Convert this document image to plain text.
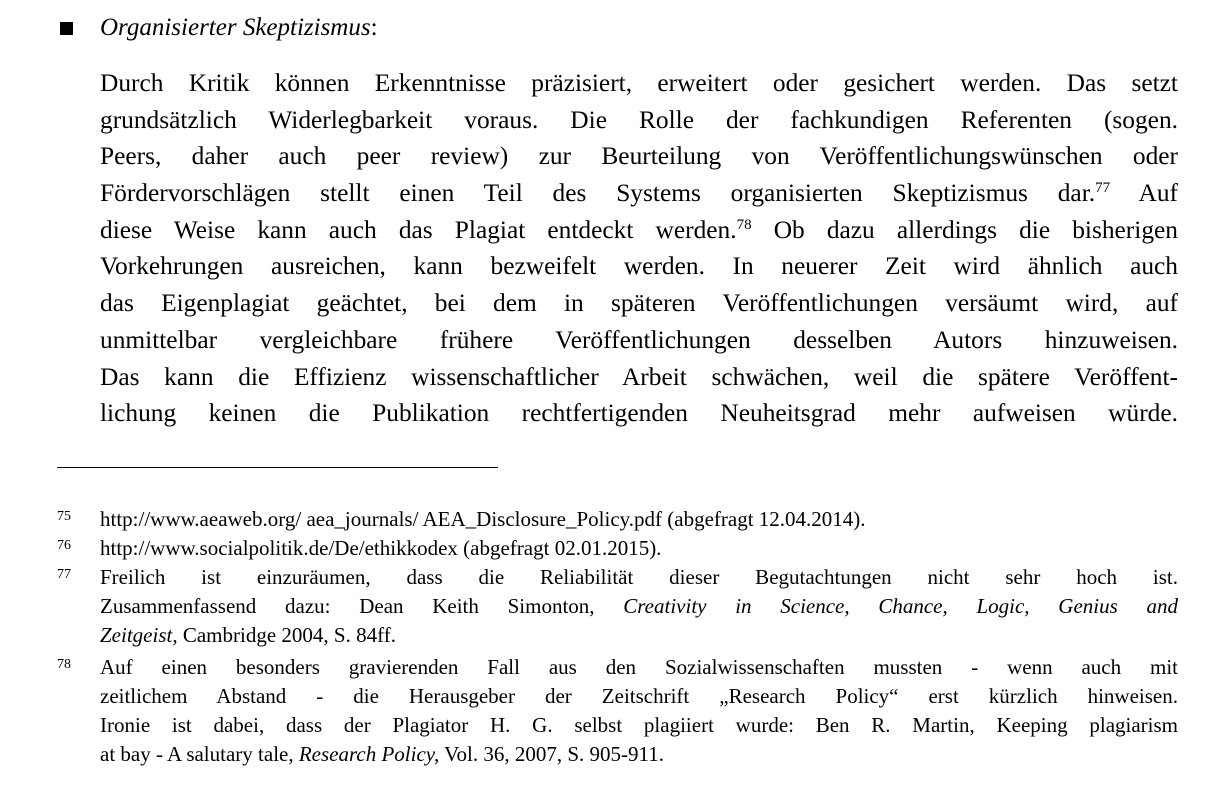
Organisierter Skeptizismus:
Durch Kritik können Erkenntnisse präzisiert, erweitert oder gesichert werden. Das setzt
grundsätzlich Widerlegbarkeit voraus. Die Rolle der fachkundigen Referenten (sogen.
Peers, daher auch peer review) zur Beurteilung von Veröffentlichungswünschen oder
Fördervorschlägen stellt einen Teil des Systems organisierten Skeptizismus dar.$^{77}$ Auf
diese Weise kann auch das Plagiat entdeckt werden.$^{78}$ Ob dazu allerdings die bisherigen
Vorkehrungen ausreichen, kann bezweifelt werden. In neuerer Zeit wird ähnlich auch
das Eigenplagiat geächtet, bei dem in späteren Veröffentlichungen versäumt wird, auf
unmittelbar vergleichbare frühere Veröffentlichungen desselben Autors hinzuweisen.
Das kann die Effizienz wissenschaftlicher Arbeit schwächen, weil die spätere Veröffent-
lichung keinen die Publikation rechtfertigenden Neuheitsgrad mehr aufweisen würde.
75 http://www.aeaweb.org/ aea_journals/ AEA_Disclosure_Policy.pdf (abgefragt 12.04.2014).
76 http://www.socialpolitik.de/De/ethikkodex (abgefragt 02.01.2015).
77 Freilich ist einzuräumen, dass die Reliabilität dieser Begutachtungen nicht sehr hoch ist.
Zusammenfassend dazu: Dean Keith Simonton, Creativity in Science, Chance, Logic, Genius and
Zeitgeist, Cambridge 2004, S. 84ff.
78 Auf einen besonders gravierenden Fall aus den Sozialwissenschaften mussten - wenn auch mit
zeitlichem Abstand - die Herausgeber der Zeitschrift „Research Policy“ erst kürzlich hinweisen.
Ironie ist dabei, dass der Plagiator H. G. selbst plagiiert wurde: Ben R. Martin, Keeping plagiarism
at bay - A salutary tale, Research Policy, Vol. 36, 2007, S. 905-911.
